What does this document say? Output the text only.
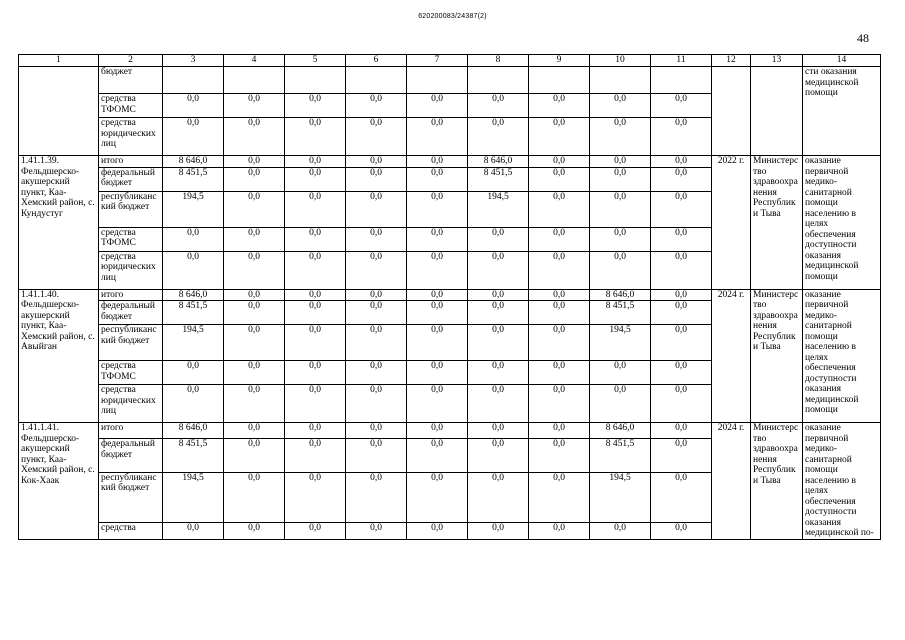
620200083/24387(2)
48
1	2	3	4	5	6	7	8	9	10	11	12	13	14
	бюджет												сти оказания медицинской помощи
	средства ТФОМС	0,0	0,0	0,0	0,0	0,0	0,0	0,0	0,0	0,0			
	средства юридических лиц	0,0	0,0	0,0	0,0	0,0	0,0	0,0	0,0	0,0			
1.41.1.39. Фельдшерско-акушерский пункт, Каа-Хемский район, с. Кундустуг	итого	8 646,0	0,0	0,0	0,0	0,0	8 646,0	0,0	0,0	0,0	2022 г.	Министерство здравоохранения Республики Тыва	оказание первичной медико-санитарной помощи населению в целях обеспечения доступности оказания медицинской помощи
	федеральный бюджет	8 451,5	0,0	0,0	0,0	0,0	8 451,5	0,0	0,0	0,0			
	республиканский бюджет	194,5	0,0	0,0	0,0	0,0	194,5	0,0	0,0	0,0			
	средства ТФОМС	0,0	0,0	0,0	0,0	0,0	0,0	0,0	0,0	0,0			
	средства юридических лиц	0,0	0,0	0,0	0,0	0,0	0,0	0,0	0,0	0,0			
1.41.1.40. Фельдшерско-акушерский пункт, Каа-Хемский район, с. Авыйган	итого	8 646,0	0,0	0,0	0,0	0,0	0,0	0,0	8 646,0	0,0	2024 г.	Министерство здравоохранения Республики Тыва	оказание первичной медико-санитарной помощи населению в целях обеспечения доступности оказания медицинской помощи
	федеральный бюджет	8 451,5	0,0	0,0	0,0	0,0	0,0	0,0	8 451,5	0,0			
	республиканский бюджет	194,5	0,0	0,0	0,0	0,0	0,0	0,0	194,5	0,0			
	средства ТФОМС	0,0	0,0	0,0	0,0	0,0	0,0	0,0	0,0	0,0			
	средства юридических лиц	0,0	0,0	0,0	0,0	0,0	0,0	0,0	0,0	0,0			
1.41.1.41. Фельдшерско-акушерский пункт, Каа-Хемский район, с. Кок-Хаак	итого	8 646,0	0,0	0,0	0,0	0,0	0,0	0,0	8 646,0	0,0	2024 г.	Министерство здравоохранения Республики Тыва	оказание первичной медико-санитарной помощи населению в целях обеспечения доступности оказания медицинской по-
	федеральный бюджет	8 451,5	0,0	0,0	0,0	0,0	0,0	0,0	8 451,5	0,0			
	республиканский бюджет	194,5	0,0	0,0	0,0	0,0	0,0	0,0	194,5	0,0			
	средства	0,0	0,0	0,0	0,0	0,0	0,0	0,0	0,0	0,0			
